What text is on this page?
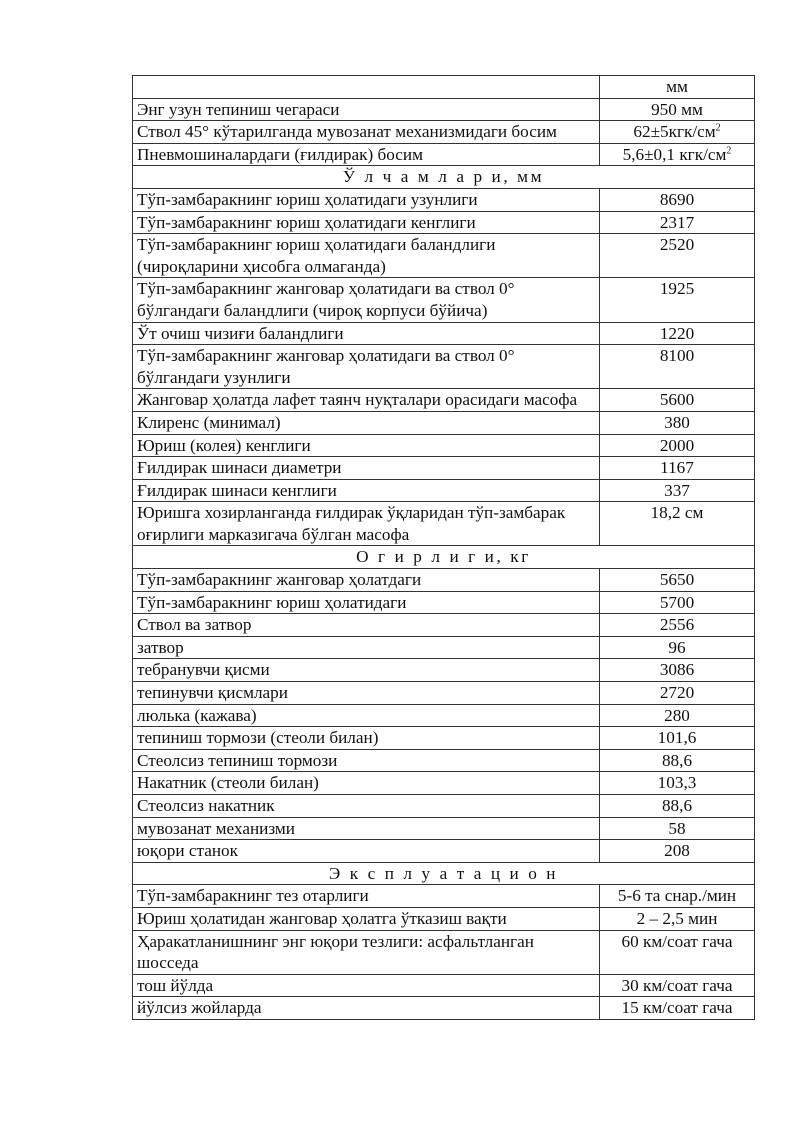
	мм
Энг узун тепиниш чегараси	950 мм
Ствол 45° кўтарилганда мувозанат механизмидаги босим	$62\pm 5кгк/см^2$
Пневмошиналардаги (ғилдирак) босим	5,6±0,1 кгк/$см^2$
Ў л ч а м л а р и, мм	
Тўп-замбаракнинг юриш ҳолатидаги узунлиги	8690
Тўп-замбаракнинг юриш ҳолатидаги кенглиги	2317
Тўп-замбаракнинг юриш ҳолатидаги баландлиги (чироқларини ҳисобга олмаганда)	2520
Тўп-замбаракнинг жанговар ҳолатидаги ва ствол 0° бўлгандаги баландлиги (чироқ корпуси бўйича)	1925
Ўт очиш чизиғи баландлиги	1220
Тўп-замбаракнинг жанговар ҳолатидаги ва ствол 0° бўлгандаги узунлиги	8100
Жанговар ҳолатда лафет таянч нуқталари орасидаги масофа	5600
Клиренс (минимал)	380
Юриш (колея) кенглиги	2000
Ғилдирак шинаси диаметри	1167
Ғилдирак шинаси кенглиги	337
Юришга хозирланганда ғилдирак ўқларидан тўп-замбарак оғирлиги марказигача бўлган масофа	18,2 см
О г и р л и г и, кг	
Тўп-замбаракнинг жанговар ҳолатдаги	5650
Тўп-замбаракнинг юриш ҳолатидаги	5700
Ствол ва затвор	2556
затвор	96
тебранувчи қисми	3086
тепинувчи қисмлари	2720
люлька (кажава)	280
тепиниш тормози (стеоли билан)	101,6
Стеолсиз тепиниш тормози	88,6
Накатник (стеоли билан)	103,3
Стеолсиз накатник	88,6
мувозанат механизми	58
юқори станок	208
Э к с п л у а т а ц и о н	
Тўп-замбаракнинг тез отарлиги	5-6 та снар./мин
Юриш ҳолатидан жанговар ҳолатга ўтказиш вақти	2 – 2,5 мин
Ҳаракатланишнинг энг юқори тезлиги: асфальтланган шосседа	60 км/соат гача
тош йўлда	30 км/соат гача
йўлсиз жойларда	15 км/соат гача
